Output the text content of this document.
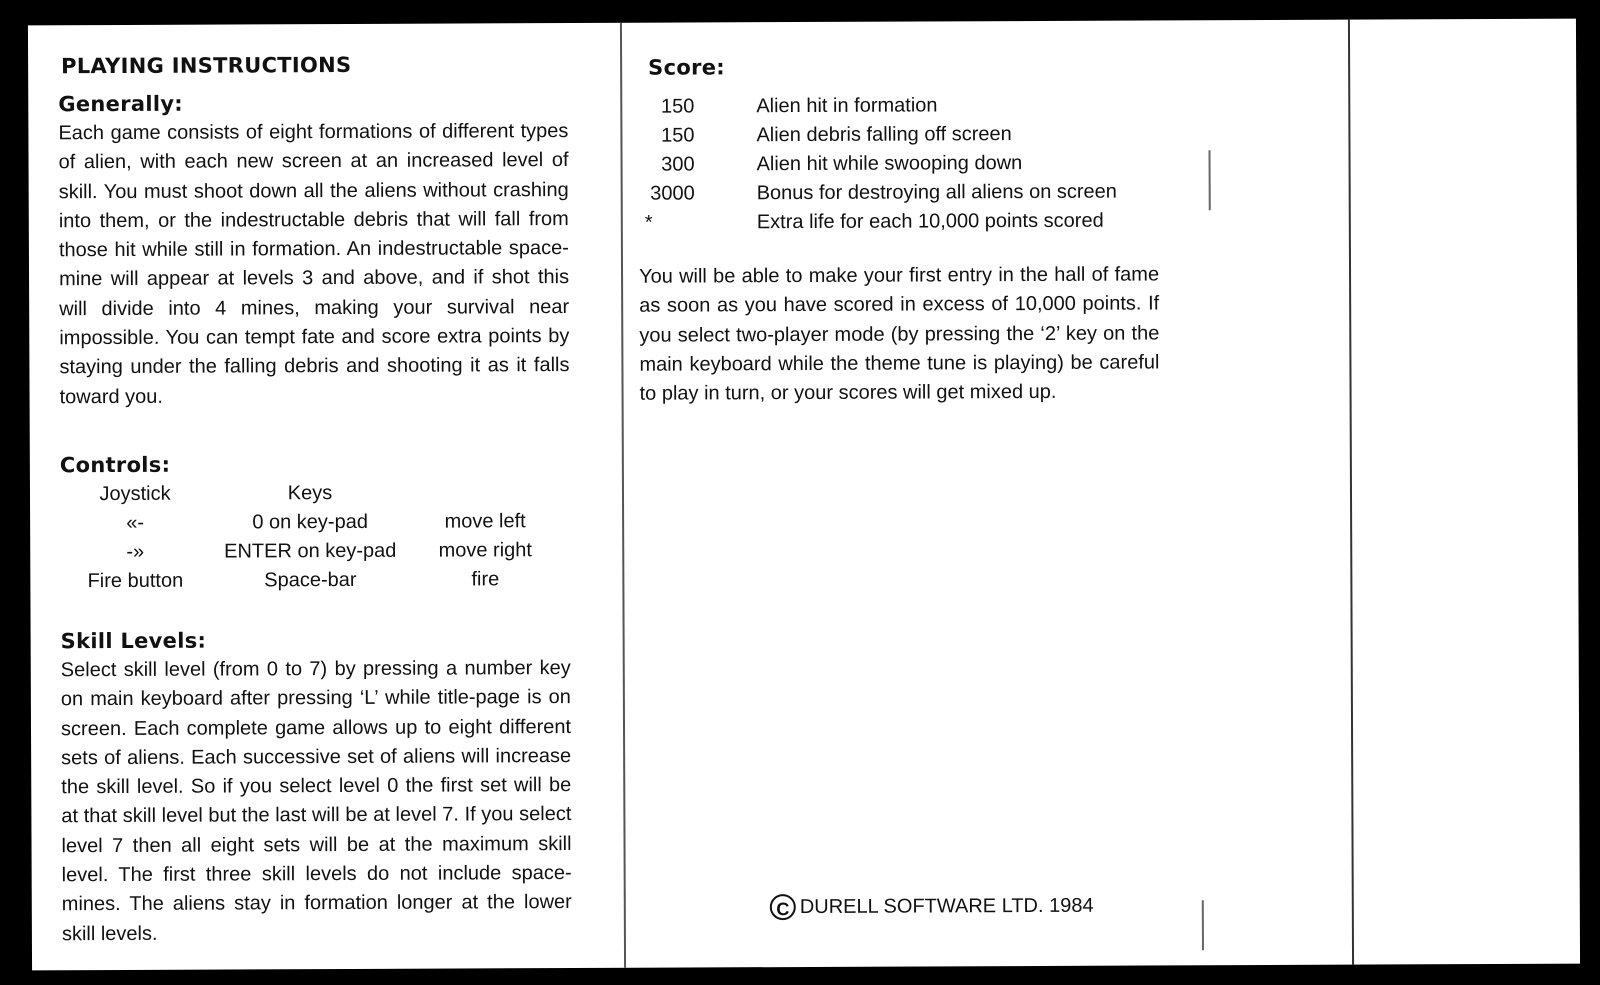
PLAYING INSTRUCTIONS
Generally:

Each game consists of eight formations of different types of alien, with each new screen at an increased level of skill. You must shoot down all the aliens without crashing into them, or the indestructable debris that will fall from those hit while still in formation. An indestructable space-mine will appear at levels 3 and above, and if shot this will divide into 4 mines, making your survival near impossible. You can tempt fate and score extra points by staying under the falling debris and shooting it as it falls toward you.

Controls:
Joystick	Keys
«-	0 on key-pad	move left
-»	ENTER on key-pad	move right
Fire button	Space-bar	fire
Skill Levels:

Select skill level (from 0 to 7) by pressing a number key on main keyboard after pressing ‘L’ while title-page is on screen. Each complete game allows up to eight different sets of aliens. Each successive set of aliens will increase the skill level. So if you select level 0 the first set will be at that skill level but the last will be at level 7. If you select level 7 then all eight sets will be at the maximum skill level. The first three skill levels do not include space-mines. The aliens stay in formation longer at the lower skill levels.

Score:
150	Alien hit in formation
150	Alien debris falling off screen
300	Alien hit while swooping down
3000	Bonus for destroying all aliens on screen
*	Extra life for each 10,000 points scored

You will be able to make your first entry in the hall of fame as soon as you have scored in excess of 10,000 points. If you select two-player mode (by pressing the ‘2’ key on the main keyboard while the theme tune is playing) be careful to play in turn, or your scores will get mixed up.

C DURELL SOFTWARE LTD. 1984
